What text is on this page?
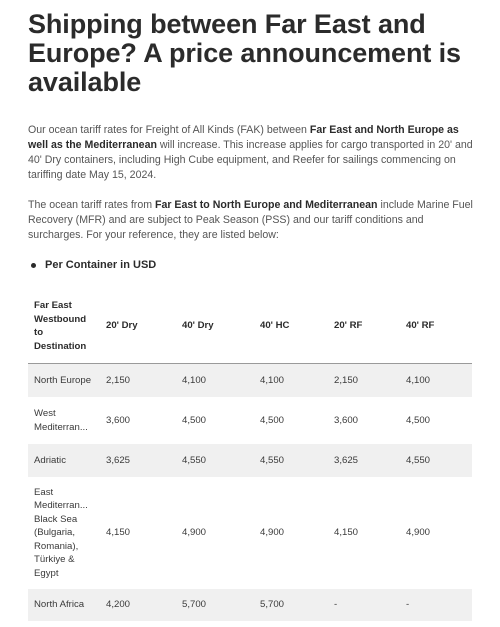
Shipping between Far East and Europe? A price announcement is available

Our ocean tariff rates for Freight of All Kinds (FAK) between Far East and North Europe as well as the Mediterranean will increase. This increase applies for cargo transported in 20' and 40' Dry containers, including High Cube equipment, and Reefer for sailings commencing on tariffing date May 15, 2024.

The ocean tariff rates from Far East to North Europe and Mediterranean include Marine Fuel Recovery (MFR) and are subject to Peak Season (PSS) and our tariff conditions and surcharges. For your reference, they are listed below:

Per Container in USD
Far East Westbound to Destination	20' Dry	40' Dry	40' HC	20' RF	40' RF
North Europe	2,150	4,100	4,100	2,150	4,100
West Mediterran...	3,600	4,500	4,500	3,600	4,500
Adriatic	3,625	4,550	4,550	3,625	4,550
East Mediterran... Black Sea (Bulgaria, Romania), Türkiye & Egypt	4,150	4,900	4,900	4,150	4,900
North Africa	4,200	5,700	5,700	-	-
